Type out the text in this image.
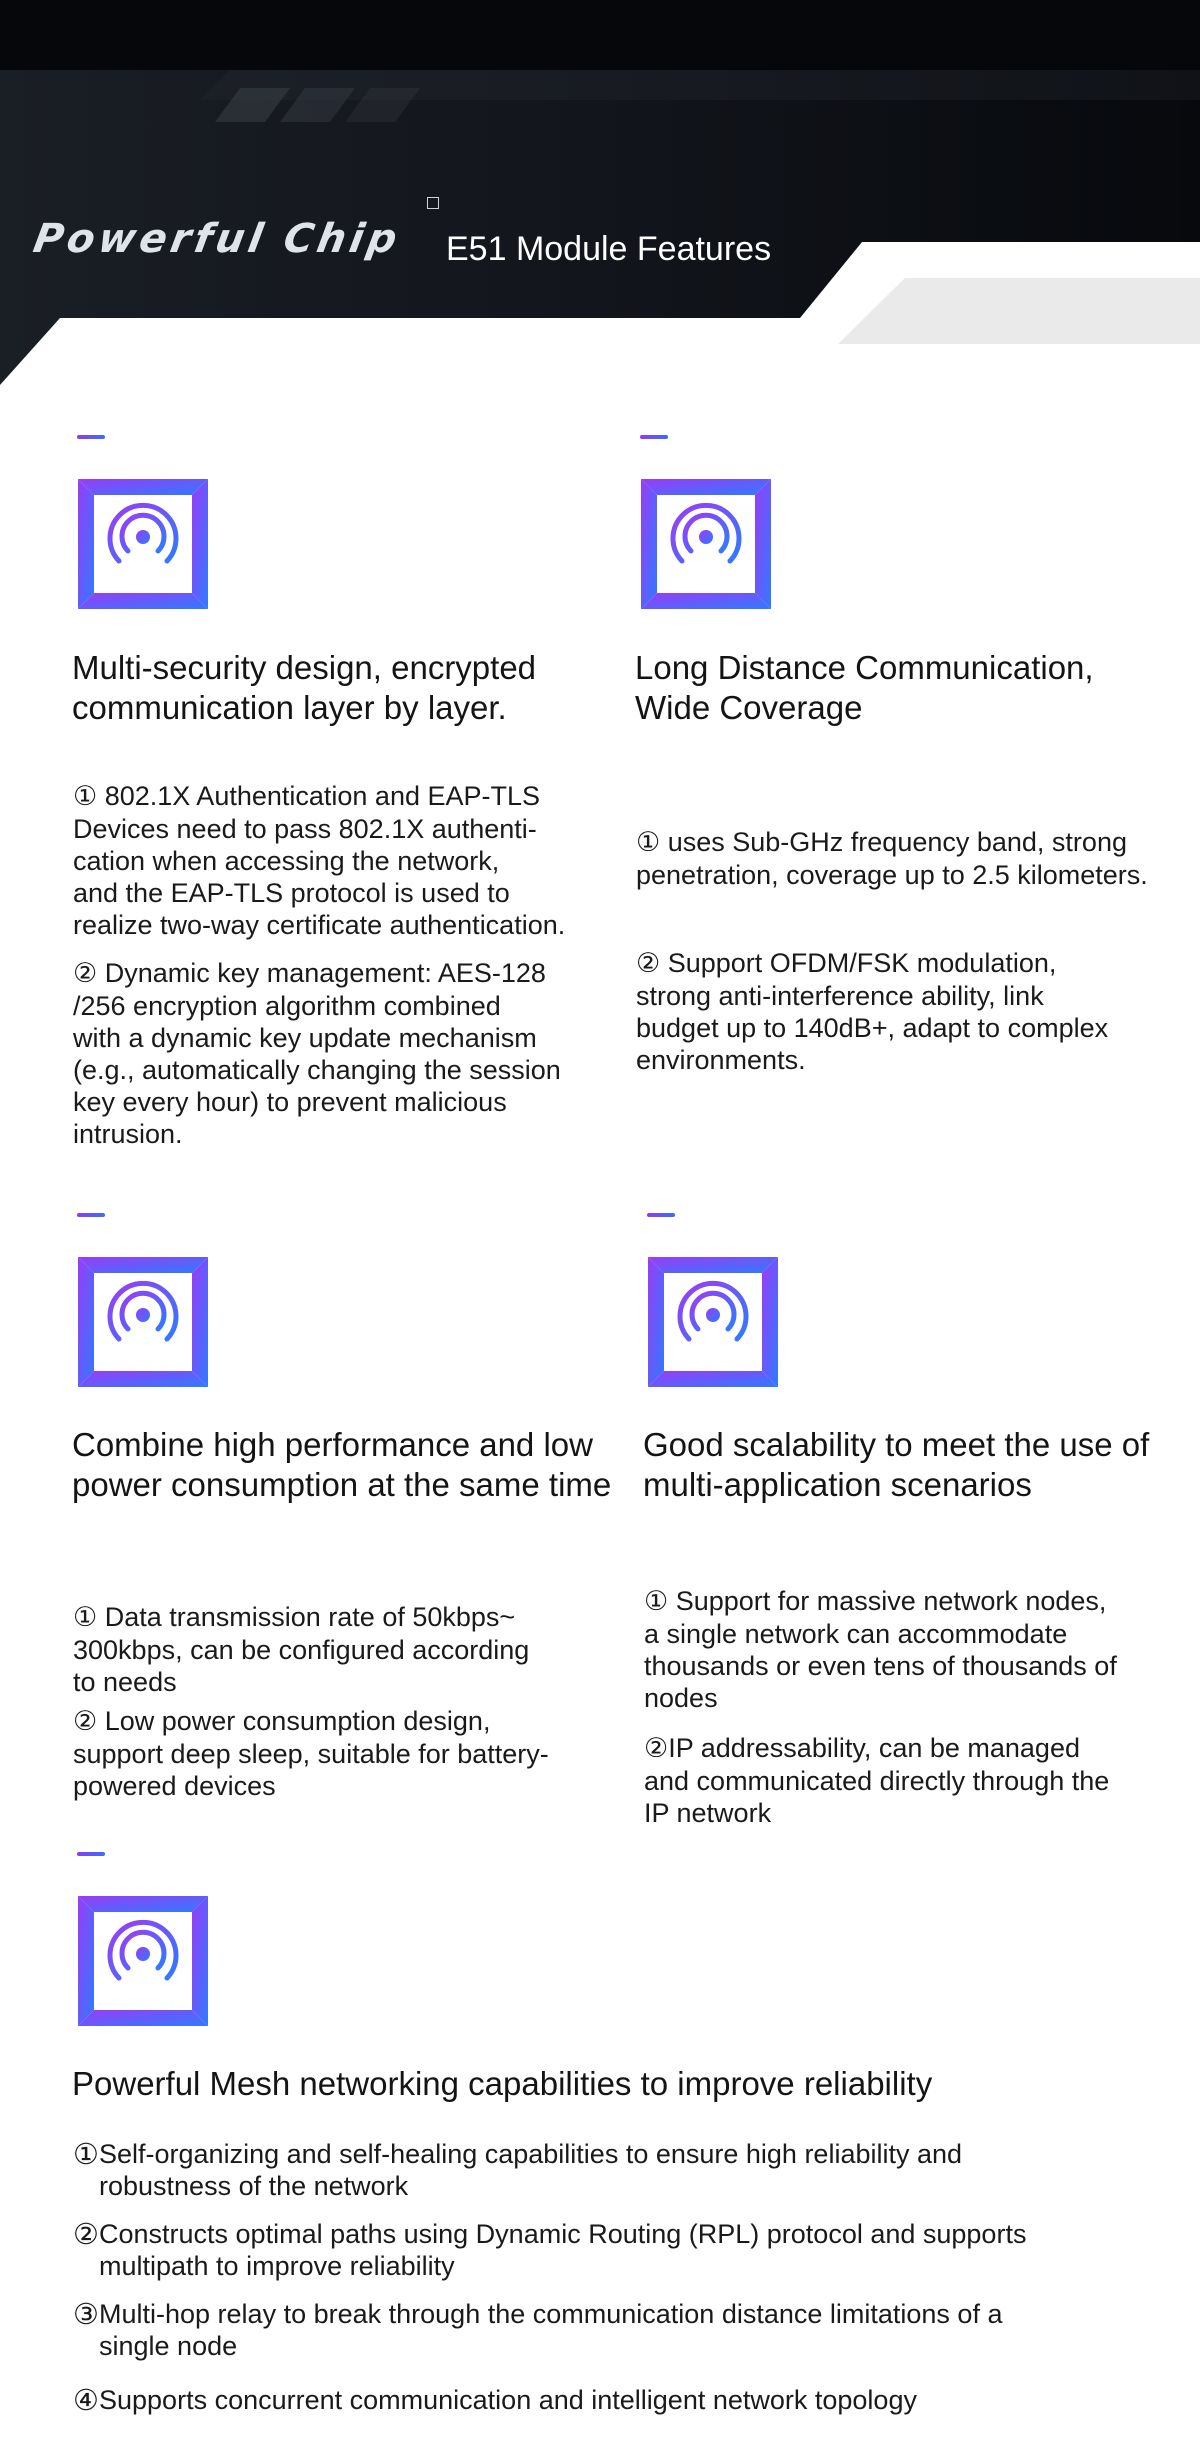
Powerful Chip E51 Module Features
Multi-security design, encrypted communication layer by layer.

① 802.1X Authentication and EAP-TLS
Devices need to pass 802.1X authenti-
cation when accessing the network,
and the EAP-TLS protocol is used to
realize two-way certificate authentication.

② Dynamic key management: AES-128
/256 encryption algorithm combined
with a dynamic key update mechanism
(e.g., automatically changing the session
key every hour) to prevent malicious
intrusion.

Long Distance Communication, Wide Coverage

① uses Sub-GHz frequency band, strong
penetration, coverage up to 2.5 kilometers.

② Support OFDM/FSK modulation,
strong anti-interference ability, link
budget up to 140dB+, adapt to complex
environments.

Combine high performance and low power consumption at the same time

① Data transmission rate of 50kbps~
300kbps, can be configured according
to needs

② Low power consumption design,
support deep sleep, suitable for battery-
powered devices

Good scalability to meet the use of multi-application scenarios

① Support for massive network nodes,
a single network can accommodate
thousands or even tens of thousands of
nodes

②IP addressability, can be managed
and communicated directly through the
IP network

Powerful Mesh networking capabilities to improve reliability
① Self-organizing and self-healing capabilities to ensure high reliability and
robustness of the network
② Constructs optimal paths using Dynamic Routing (RPL) protocol and supports
multipath to improve reliability
③ Multi-hop relay to break through the communication distance limitations of a
single node
④ Supports concurrent communication and intelligent network topology
